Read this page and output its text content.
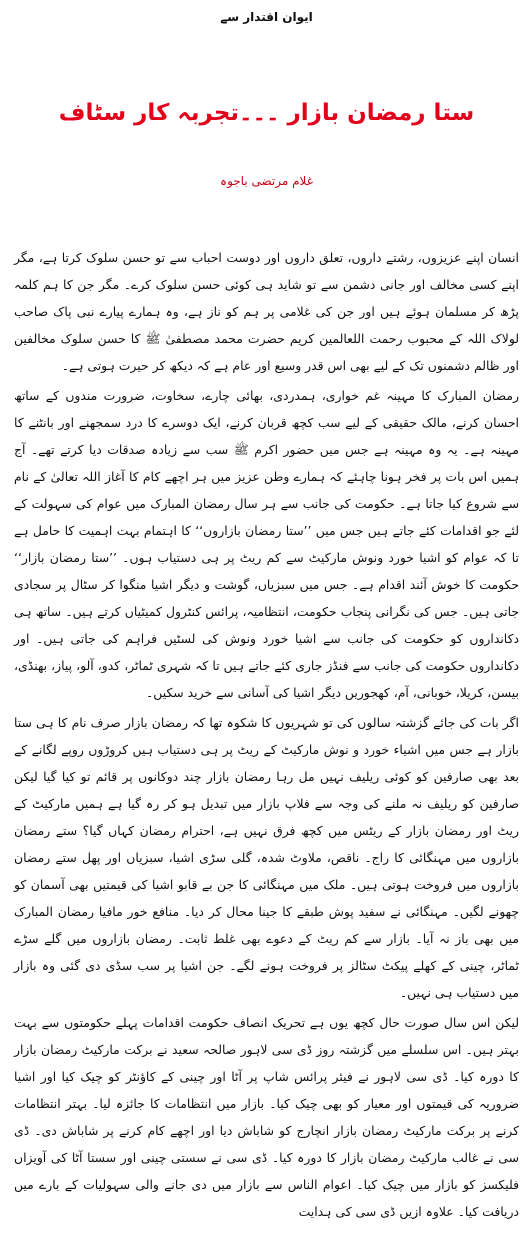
ایوان اقتدار سے
ستا رمضان بازار ۔۔۔تجربہ کار سٹاف
غلام مرتضی باجوہ

انسان اپنے عزیزوں، رشتے داروں، تعلق داروں اور دوست احباب سے تو حسن سلوک کرتا ہے، مگر اپنے کسی مخالف اور جانی دشمن سے تو شاید ہی کوئی حسن سلوک کرے۔ مگر جن کا ہم کلمہ پڑھ کر مسلمان ہوئے ہیں اور جن کی غلامی پر ہم کو ناز ہے، وہ ہمارے پیارے نبی پاک صاحب لولاک اللہ کے محبوب رحمت اللعالمین کریم حضرت محمد مصطفیٰ ﷺ کا حسن سلوک مخالفین اور ظالم دشمنوں تک کے لیے بھی اس قدر وسیع اور عام ہے کہ دیکھ کر حیرت ہوتی ہے۔

رمضان المبارک کا مہینہ غم خواری، ہمدردی، بھائی چارے، سخاوت، ضرورت مندوں کے ساتھ احسان کرنے، مالک حقیقی کے لیے سب کچھ قربان کرنے، ایک دوسرے کا درد سمجھنے اور بانٹنے کا مہینہ ہے۔ یہ وہ مہینہ ہے جس میں حضور اکرم ﷺ سب سے زیادہ صدقات دیا کرتے تھے۔ آج ہمیں اس بات پر فخر ہونا چاہئے کہ ہمارے وطن عزیز میں ہر اچھے کام کا آغاز اللہ تعالیٰ کے نام سے شروع کیا جاتا ہے۔ حکومت کی جانب سے ہر سال رمضان المبارک میں عوام کی سہولت کے لئے جو اقدامات کئے جاتے ہیں جس میں ’’ستا رمضان بازاروں‘‘ کا اہتمام بہت اہمیت کا حامل ہے تا کہ عوام کو اشیا خورد ونوش مارکیٹ سے کم ریٹ پر ہی دستیاب ہوں۔ ’’ستا رمضان بازار‘‘ حکومت کا خوش آئند اقدام ہے۔ جس میں سبزیاں، گوشت و دیگر اشیا منگوا کر سٹال پر سجادی جاتی ہیں۔ جس کی نگرانی پنجاب حکومت، انتظامیہ، پرائس کنٹرول کمیٹیاں کرتے ہیں۔ ساتھ ہی دکانداروں کو حکومت کی جانب سے اشیا خورد ونوش کی لسٹیں فراہم کی جاتی ہیں۔ اور دکانداروں حکومت کی جانب سے فنڈز جاری کئے جاتے ہیں تا کہ شہری ٹماٹر، کدو، آلو، پیاز، بھنڈی، بیسن، کریلا، خوبانی، آم، کھجوریں دیگر اشیا کی آسانی سے خرید سکیں۔

اگر بات کی جائے گزشتہ سالوں کی تو شہریوں کا شکوہ تھا کہ رمضان بازار صرف نام کا ہی ستا بازار ہے جس میں اشیاء خورد و نوش مارکیٹ کے ریٹ پر ہی دستیاب ہیں کروڑوں روپے لگانے کے بعد بھی صارفین کو کوئی ریلیف نہیں مل رہا رمضان بازار چند دوکانوں پر قائم تو کیا گیا لیکن صارفین کو ریلیف نہ ملنے کی وجہ سے فلاپ بازار میں تبدیل ہو کر رہ گیا ہے ہمیں مارکیٹ کے ریٹ اور رمضان بازار کے ریٹس میں کچھ فرق نہیں ہے، احترام رمضان کہاں گیا؟ ستے رمضان بازاروں میں مہنگائی کا راج۔ ناقص، ملاوٹ شدہ، گلی سڑی اشیا، سبزیاں اور پھل ستے رمضان بازاروں میں فروخت ہوتی ہیں۔ ملک میں مہنگائی کا جن بے قابو اشیا کی قیمتیں بھی آسمان کو چھونے لگیں۔ مہنگائی نے سفید پوش طبقے کا جینا محال کر دیا۔ منافع خور مافیا رمضان المبارک میں بھی باز نہ آیا۔ بازار سے کم ریٹ کے دعوے بھی غلط ثابت۔ رمضان بازاروں میں گلے سڑے ٹماٹر، چینی کے کھلے پیکٹ سٹالز پر فروخت ہونے لگے۔ جن اشیا پر سب سڈی دی گئی وہ بازار میں دستیاب ہی نہیں۔

لیکن اس سال صورت حال کچھ یوں ہے تحریک انصاف حکومت اقدامات پہلے حکومتوں سے بہت بہتر ہیں۔ اس سلسلے میں گزشتہ روز ڈی سی لاہور صالحہ سعید نے برکت مارکیٹ رمضان بازار کا دورہ کیا۔ ڈی سی لاہور نے فیئر پرائس شاپ پر آٹا اور چینی کے کاؤنٹر کو چیک کیا اور اشیا ضروریہ کی قیمتوں اور معیار کو بھی چیک کیا۔ بازار میں انتظامات کا جائزہ لیا۔ بہتر انتظامات کرنے پر برکت مارکیٹ رمضان بازار انچارج کو شاباش دیا اور اچھے کام کرنے پر شاباش دی۔ ڈی سی نے غالب مارکیٹ رمضان بازار کا دورہ کیا۔ ڈی سی نے سستی چینی اور سستا آٹا کی آویزاں فلیکسز کو بازار میں چیک کیا۔ اعوام الناس سے بازار میں دی جانے والی سہولیات کے بارے میں دریافت کیا۔ علاوہ ازیں ڈی سی کی ہدایت
